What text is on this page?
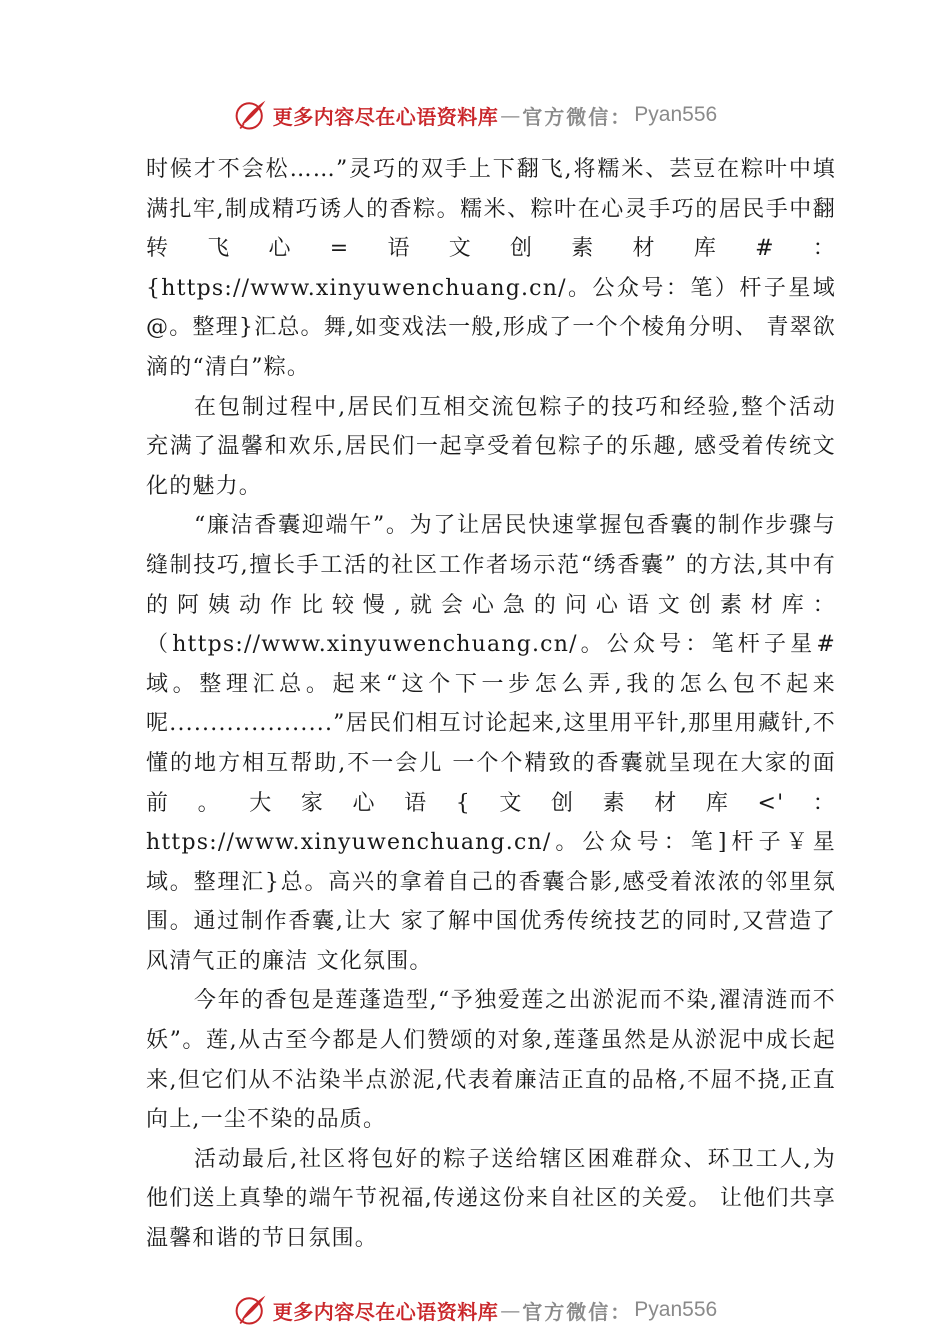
更多内容尽在心语资料库 — 官方微信： Pyan556

时候才不会松……”灵巧的双手上下翻飞,将糯米、芸豆在粽叶中填满扎牢,制成精巧诱人的香粽。糯米、粽叶在心灵手巧的居民手中翻转飞心=语文创素材库#：{https://www.xinyuwenchuang.cn/。公众号：笔）杆子星域@。整理}汇总。舞,如变戏法一般,形成了一个个棱角分明、 青翠欲滴的“清白”粽。

在包制过程中,居民们互相交流包粽子的技巧和经验,整个活动充满了温馨和欢乐,居民们一起享受着包粽子的乐趣, 感受着传统文化的魅力。

“廉洁香囊迎端午”。为了让居民快速掌握包香囊的制作步骤与缝制技巧,擅长手工活的社区工作者场示范“绣香囊” 的方法,其中有的阿姨动作比较慢,就会心急的问心语文创素材库：（https://www.xinyuwenchuang.cn/。公众号：笔杆子星#域。整理汇总。起来“这个下一步怎么弄,我的怎么包不起来呢....................”居民们相互讨论起来,这里用平针,那里用藏针,不懂的地方相互帮助,不一会儿 一个个精致的香囊就呈现在大家的面前。大家心语{文创素材库<'：https://www.xinyuwenchuang.cn/。公众号：笔]杆子￥星域。整理汇}总。高兴的拿着自己的香囊合影,感受着浓浓的邻里氛围。通过制作香囊,让大 家了解中国优秀传统技艺的同时,又营造了风清气正的廉洁 文化氛围。

今年的香包是莲蓬造型,“予独爱莲之出淤泥而不染,濯清涟而不妖”。莲,从古至今都是人们赞颂的对象,莲蓬虽然是从淤泥中成长起来,但它们从不沾染半点淤泥,代表着廉洁正直的品格,不屈不挠,正直向上,一尘不染的品质。

活动最后,社区将包好的粽子送给辖区困难群众、环卫工人,为他们送上真挚的端午节祝福,传递这份来自社区的关爱。 让他们共享温馨和谐的节日氛围。

更多内容尽在心语资料库 — 官方微信： Pyan556
